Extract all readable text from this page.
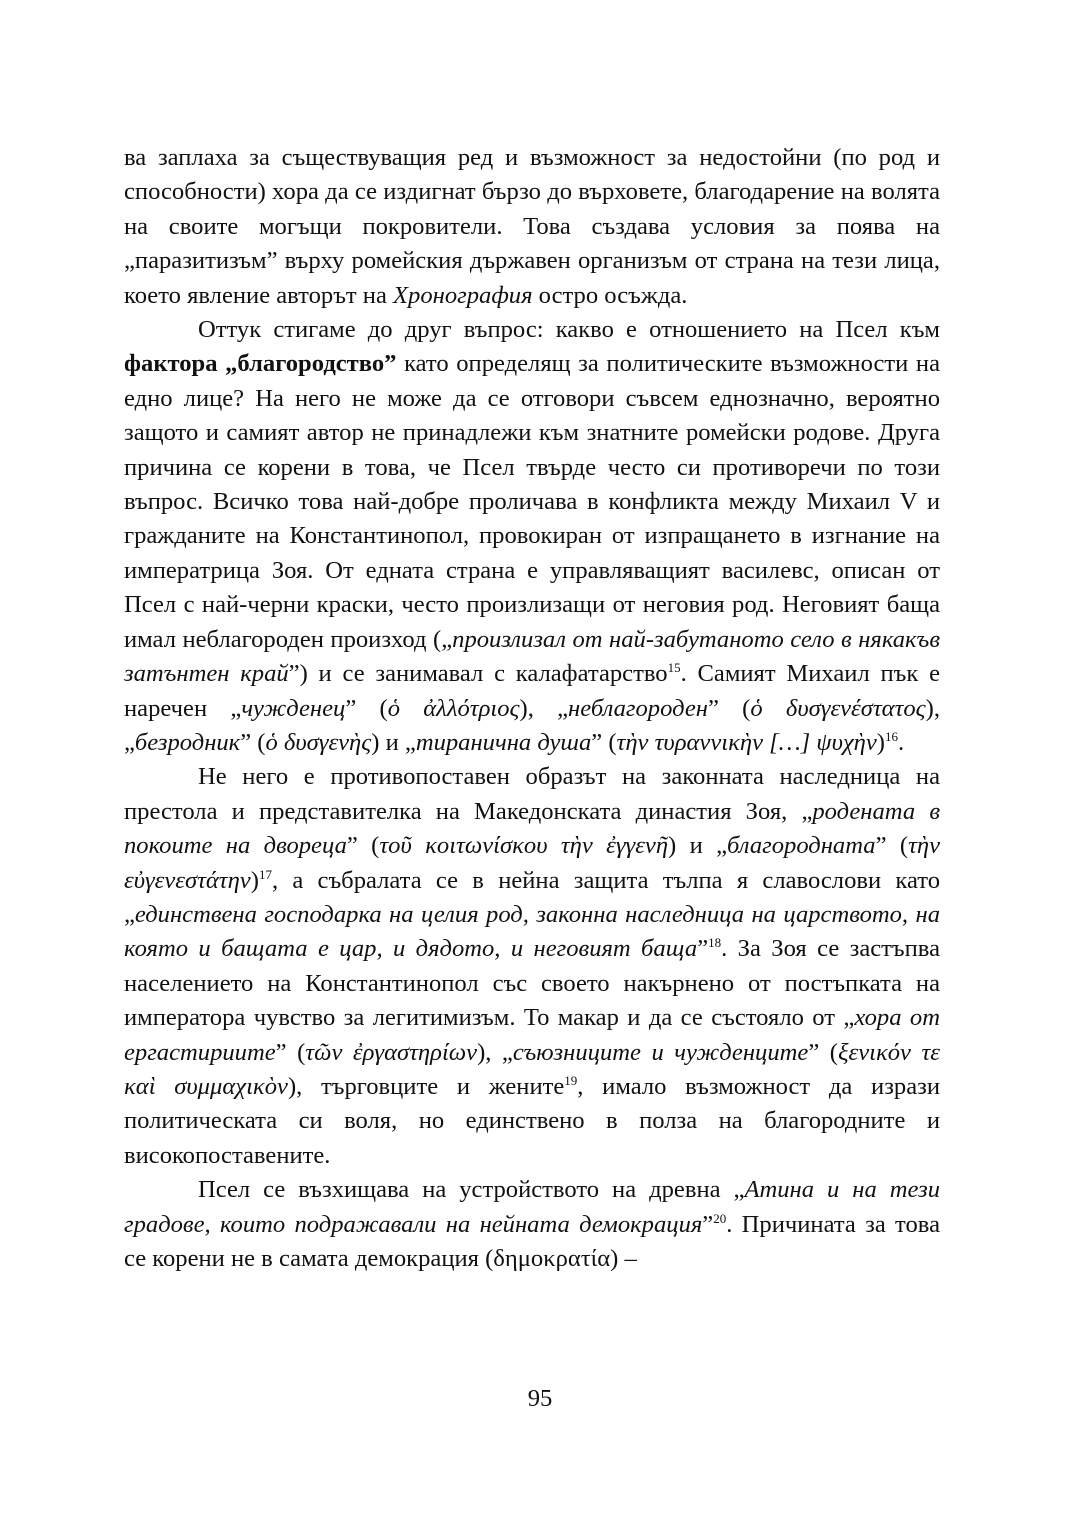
ва заплаха за съществуващия ред и възможност за недостойни (по род и способности) хора да се издигнат бързо до върховете, благодарение на волята на своите могъщи покровители. Това създава условия за поява на „паразитизъм” върху ромейския държавен организъм от страна на тези лица, което явление авторът на Хронография остро осъжда.

Оттук стигаме до друг въпрос: какво е отношението на Псел към фактора „благородство” като определящ за политическите възможности на едно лице? На него не може да се отговори съвсем еднозначно, вероятно защото и самият автор не принадлежи към знатните ромейски родове. Друга причина се корени в това, че Псел твърде често си противоречи по този въпрос. Всичко това най-добре проличава в конфликта между Михаил V и гражданите на Константинопол, провокиран от изпращането в изгнание на императрица Зоя. От едната страна е управляващият василевс, описан от Псел с най-черни краски, често произлизащи от неговия род. Неговият баща имал неблагороден произход („произлизал от най-забутаното село в някакъв затънтен край”) и се занимавал с калафатарство$^{15}$. Самият Михаил пък е наречен „чужденец” (ὁ ἀλλότριος), „неблагороден” (ὁ δυσγενέστατος), „безродник” (ὁ δυσγενὴς) и „тиранична душа” (τὴν τυραννικὴν […] ψυχὴν)$^{16}$.

Не него е противопоставен образът на законната наследница на престола и представителка на Македонската династия Зоя, „родената в покоите на двореца” (τοῦ κοιτωνίσκου τὴν ἐγγενῆ) и „благородната” (τὴν εὐγενεστάτην)$^{17}$, а събралата се в нейна защита тълпа я славослови като „единствена господарка на целия род, законна наследница на царството, на която и бащата е цар, и дядото, и неговият баща”$^{18}$. За Зоя се застъпва населението на Константинопол със своето накърнено от постъпката на императора чувство за легитимизъм. То макар и да се състояло от „хора от ергастириите” (τῶν ἐργαστηρίων), „съюзниците и чужденците” (ξενικόν τε καὶ συμμαχικὸν), търговците и жените$^{19}$, имало възможност да изрази политическата си воля, но единствено в полза на благородните и високопоставените.

Псел се възхищава на устройството на древна „Атина и на тези градове, които подражавали на нейната демокрация”$^{20}$. Причината за това се корени не в самата демокрация (δημοκρατία) –

95
